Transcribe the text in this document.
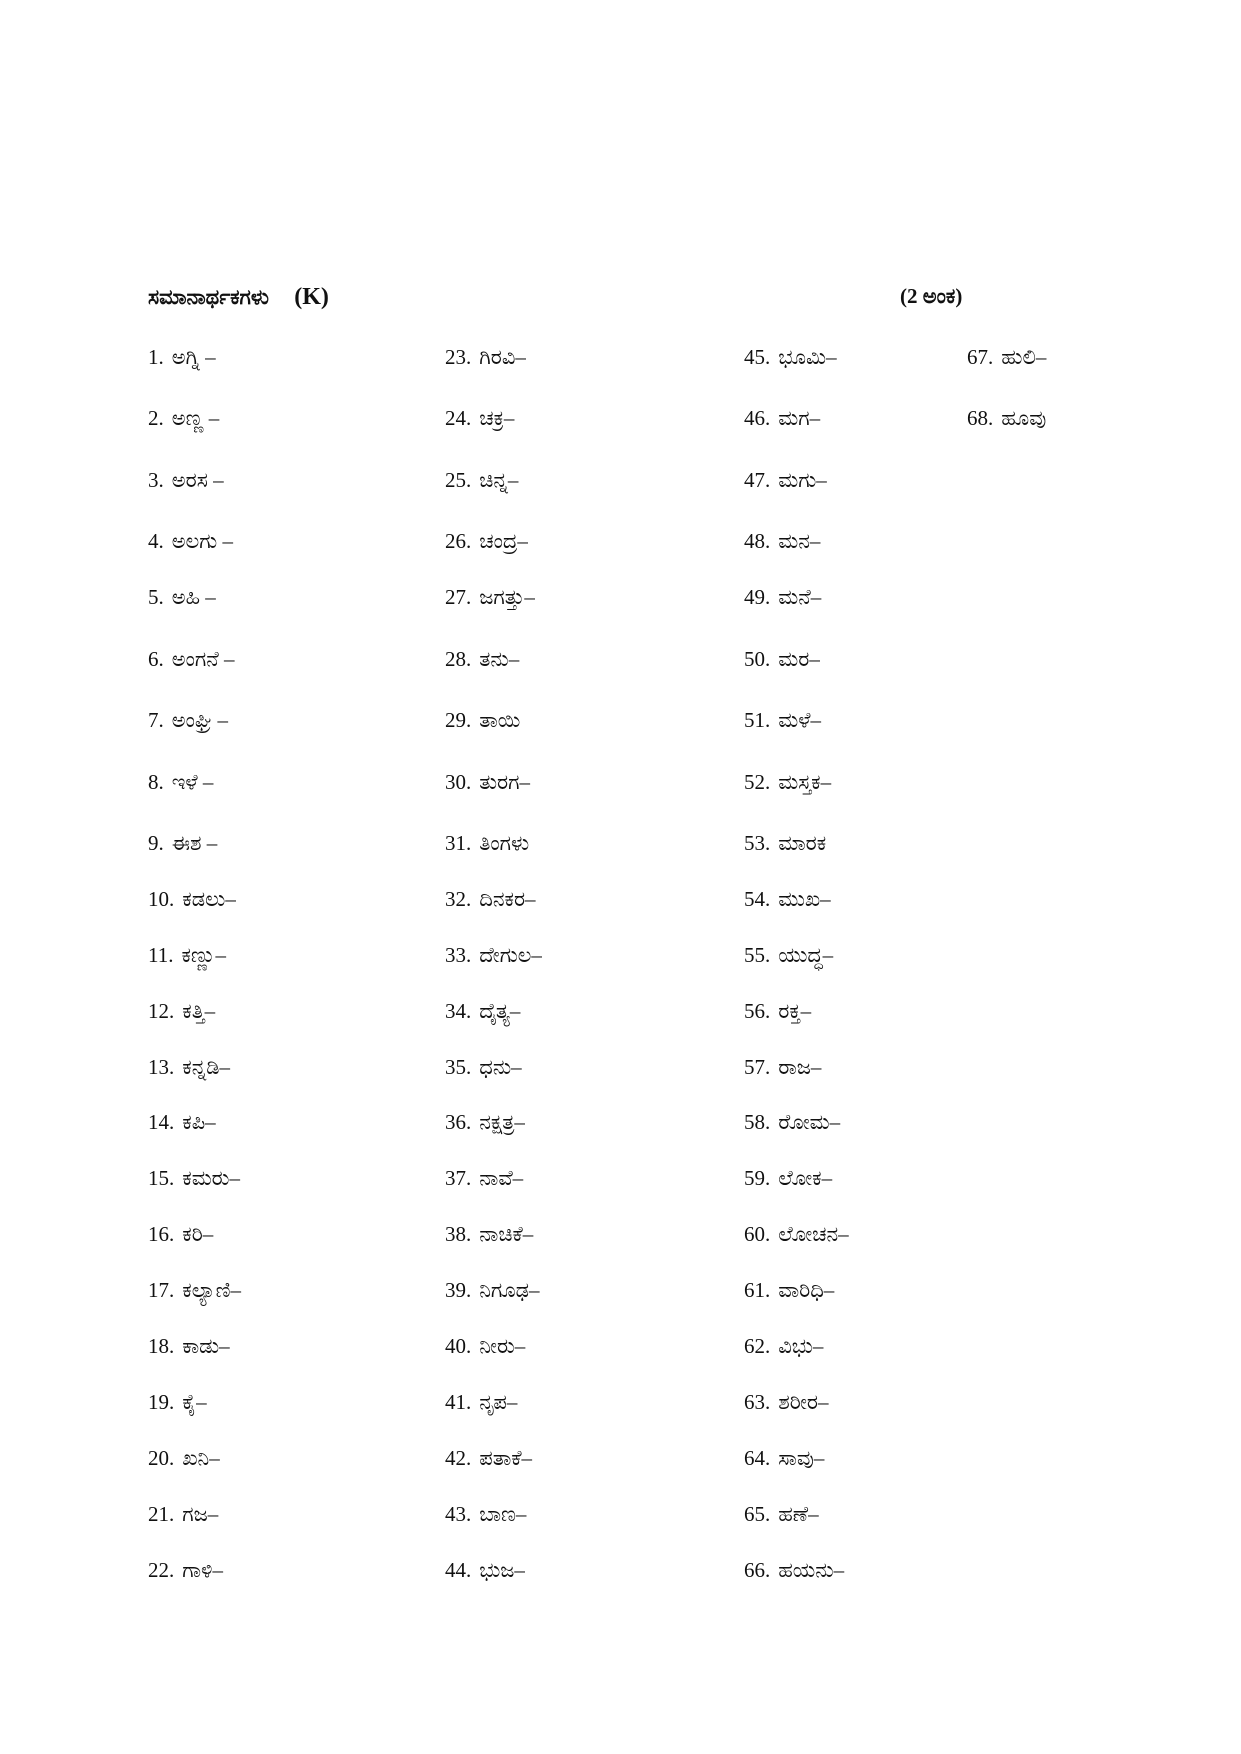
ಸಮಾನಾರ್ಥಕಗಳು (K)	(2 ಅಂಕ)
1. ಅಗ್ನಿ –
2. ಅಣ್ಣ –
3. ಅರಸ –
4. ಅಲಗು –
5. ಅಹಿ –
6. ಅಂಗನೆ –
7. ಅಂಘ್ರಿ –
8. ಇಳೆ –
9. ಈಶ –
10. ಕಡಲು–
11. ಕಣ್ಣು–
12. ಕತ್ತಿ–
13. ಕನ್ನಡಿ–
14. ಕಪಿ–
15. ಕಮರು–
16. ಕರಿ–
17. ಕಲ್ಯಾಣಿ–
18. ಕಾಡು–
19. ಕೈ–
20. ಖನಿ–
21. ಗಜ–
22. ಗಾಳಿ–
23. ಗಿರವಿ–
24. ಚಕ್ರ–
25. ಚಿನ್ನ–
26. ಚಂದ್ರ–
27. ಜಗತ್ತು–
28. ತನು–
29. ತಾಯಿ
30. ತುರಗ–
31. ತಿಂಗಳು
32. ದಿನಕರ–
33. ದೇಗುಲ–
34. ದೈತ್ಯ–
35. ಧನು–
36. ನಕ್ಷತ್ರ–
37. ನಾವೆ–
38. ನಾಚಿಕೆ–
39. ನಿಗೂಢ–
40. ನೀರು–
41. ನೃಪ–
42. ಪತಾಕೆ–
43. ಬಾಣ–
44. ಭುಜ–
45. ಭೂಮಿ–
46. ಮಗ–
47. ಮಗು–
48. ಮನ–
49. ಮನೆ–
50. ಮರ–
51. ಮಳೆ–
52. ಮಸ್ತಕ–
53. ಮಾರಕ
54. ಮುಖ–
55. ಯುದ್ಧ–
56. ರಕ್ತ–
57. ರಾಜ–
58. ರೋಮ–
59. ಲೋಕ–
60. ಲೋಚನ–
61. ವಾರಿಧಿ–
62. ವಿಭು–
63. ಶರೀರ–
64. ಸಾವು–
65. ಹಣೆ–
66. ಹಯನು–
67. ಹುಲಿ–
68. ಹೂವು
